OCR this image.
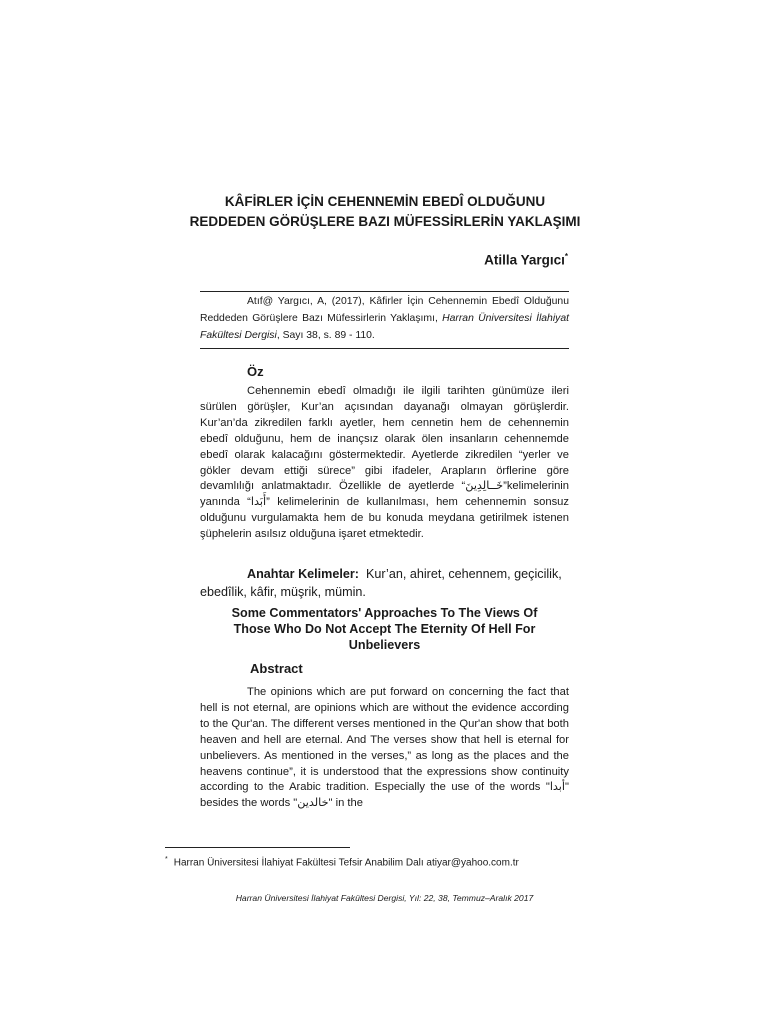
KÂFİRLER İÇİN CEHENNEMİN EBEDÎ OLDUĞUNU
REDDEDEN GÖRÜŞLERE BAZI MÜFESSİRLERİN YAKLAŞIMI
Atilla Yargıcı*

Atıf@ Yargıcı, A, (2017), Kâfirler İçin Cehennemin Ebedî Olduğunu Reddeden Görüşlere Bazı Müfessirlerin Yaklaşımı, Harran Üniversitesi İlahiyat Fakültesi Dergisi, Sayı 38, s. 89 - 110.

Öz

Cehennemin ebedî olmadığı ile ilgili tarihten günümüze ileri sürülen görüşler, Kur’an açısından dayanağı olmayan görüşlerdir. Kur’an’da zikredilen farklı ayetler, hem cennetin hem de cehennemin ebedî olduğunu, hem de inançsız olarak ölen insanların cehennemde ebedî olarak kalacağını göstermektedir. Ayetlerde zikredilen “yerler ve gökler devam ettiği sürece” gibi ifadeler, Arapların örflerine göre devamlılığı anlatmaktadır. Özellikle de ayetlerde “خَــالِدِينَ”kelimelerinin yanında “أَبَدا” kelimelerinin de kullanılması, hem cehennemin sonsuz olduğunu vurgulamakta hem de bu konuda meydana getirilmek istenen şüphelerin asılsız olduğuna işaret etmektedir.

Anahtar Kelimeler: Kur’an, ahiret, cehennem, geçicilik, ebedîlik, kâfir, müşrik, mümin.

Some Commentators' Approaches To The Views Of
Those Who Do Not Accept The Eternity Of Hell For
Unbelievers
Abstract

The opinions which are put forward on concerning the fact that hell is not eternal, are opinions which are without the evidence according to the Qur'an. The different verses mentioned in the Qur'an show that both heaven and hell are eternal. And The verses show that hell is eternal for unbelievers. As mentioned in the verses,” as long as the places and the heavens continue”, it is understood that the expressions show continuity according to the Arabic tradition. Especially the use of the words "أبدا" besides the words "خالدين" in the

* Harran Üniversitesi İlahiyat Fakültesi Tefsir Anabilim Dalı atiyar@yahoo.com.tr
Harran Üniversitesi İlahiyat Fakültesi Dergisi, Yıl: 22, 38, Temmuz–Aralık 2017
